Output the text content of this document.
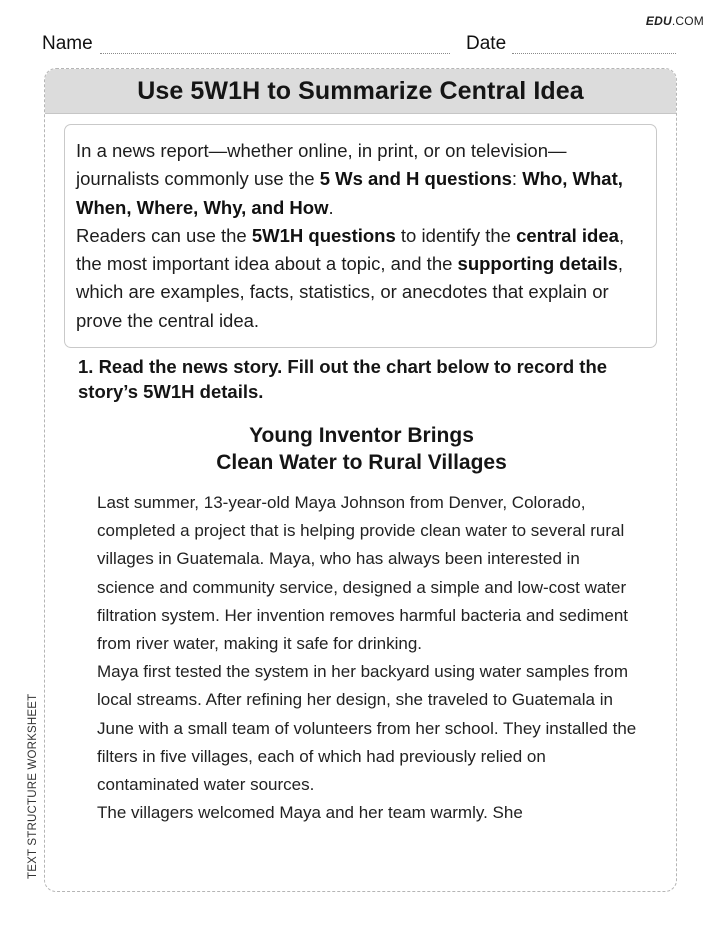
EDU.COM
Name	Date
Use 5W1H to Summarize Central Idea

In a news report—whether online, in print, or on television—journalists commonly use the 5 Ws and H questions: Who, What, When, Where, Why, and How.

Readers can use the 5W1H questions to identify the central idea, the most important idea about a topic, and the supporting details, which are examples, facts, statistics, or anecdotes that explain or prove the central idea.

1. Read the news story. Fill out the chart below to record the story’s 5W1H details.
Young Inventor Brings
Clean Water to Rural Villages

Last summer, 13-year-old Maya Johnson from Denver, Colorado, completed a project that is helping provide clean water to several rural villages in Guatemala. Maya, who has always been interested in science and community service, designed a simple and low-cost water filtration system. Her invention removes harmful bacteria and sediment from river water, making it safe for drinking.

Maya first tested the system in her backyard using water samples from local streams. After refining her design, she traveled to Guatemala in June with a small team of volunteers from her school. They installed the

filters in five villages, each of which had previously relied on contaminated water sources.

The villagers welcomed Maya and her team warmly. She

TEXT STRUCTURE WORKSHEET
